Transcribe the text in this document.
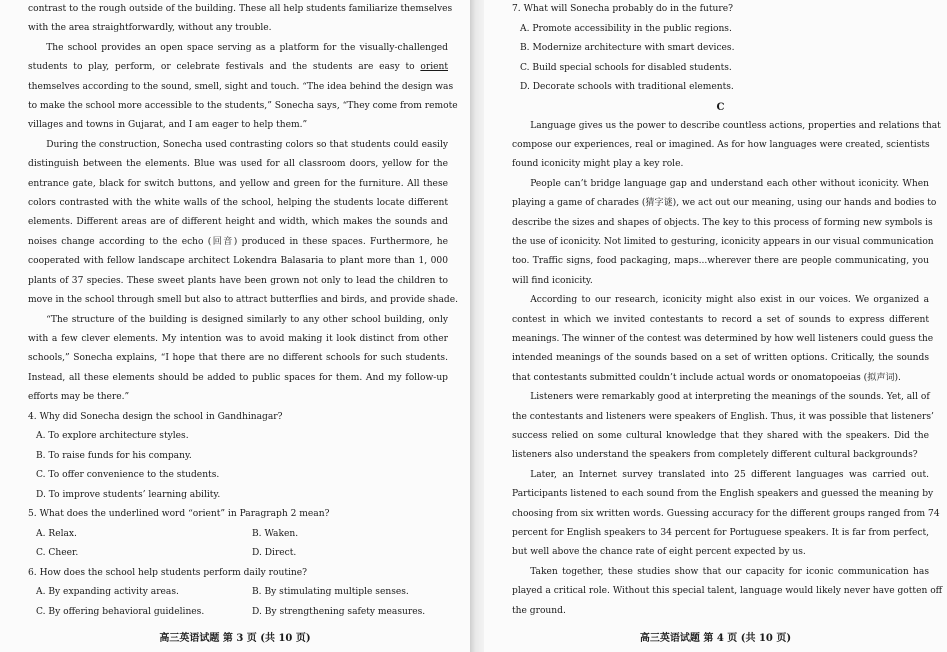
contrast to the rough outside of the building. These all help students familiarize themselves
with the area straightforwardly, without any trouble.
The school provides an open space serving as a platform for the visually-challenged
students to play, perform, or celebrate festivals and the students are easy to orient
themselves according to the sound, smell, sight and touch. “The idea behind the design was
to make the school more accessible to the students,” Sonecha says, “They come from remote
villages and towns in Gujarat, and I am eager to help them.”
During the construction, Sonecha used contrasting colors so that students could easily
distinguish between the elements. Blue was used for all classroom doors, yellow for the
entrance gate, black for switch buttons, and yellow and green for the furniture. All these
colors contrasted with the white walls of the school, helping the students locate different
elements. Different areas are of different height and width, which makes the sounds and
noises change according to the echo (回音) produced in these spaces. Furthermore, he
cooperated with fellow landscape architect Lokendra Balasaria to plant more than 1, 000
plants of 37 species. These sweet plants have been grown not only to lead the children to
move in the school through smell but also to attract butterflies and birds, and provide shade.
“The structure of the building is designed similarly to any other school building, only
with a few clever elements. My intention was to avoid making it look distinct from other
schools,” Sonecha explains, “I hope that there are no different schools for such students.
Instead, all these elements should be added to public spaces for them. And my follow-up
efforts may be there.”
4. Why did Sonecha design the school in Gandhinagar?
A. To explore architecture styles.
B. To raise funds for his company.
C. To offer convenience to the students.
D. To improve students’ learning ability.
5. What does the underlined word “orient” in Paragraph 2 mean?
A. Relax.	B. Waken.
C. Cheer.	D. Direct.
6. How does the school help students perform daily routine?
A. By expanding activity areas.	B. By stimulating multiple senses.
C. By offering behavioral guidelines.	D. By strengthening safety measures.
高三英语试题 第 3 页 (共 10 页)
7. What will Sonecha probably do in the future?
A. Promote accessibility in the public regions.
B. Modernize architecture with smart devices.
C. Build special schools for disabled students.
D. Decorate schools with traditional elements.
C
Language gives us the power to describe countless actions, properties and relations that
compose our experiences, real or imagined. As for how languages were created, scientists
found iconicity might play a key role.
People can’t bridge language gap and understand each other without iconicity. When
playing a game of charades (猜字谜), we act out our meaning, using our hands and bodies to
describe the sizes and shapes of objects. The key to this process of forming new symbols is
the use of iconicity. Not limited to gesturing, iconicity appears in our visual communication
too. Traffic signs, food packaging, maps...wherever there are people communicating, you
will find iconicity.
According to our research, iconicity might also exist in our voices. We organized a
contest in which we invited contestants to record a set of sounds to express different
meanings. The winner of the contest was determined by how well listeners could guess the
intended meanings of the sounds based on a set of written options. Critically, the sounds
that contestants submitted couldn’t include actual words or onomatopoeias (拟声词).
Listeners were remarkably good at interpreting the meanings of the sounds. Yet, all of
the contestants and listeners were speakers of English. Thus, it was possible that listeners’
success relied on some cultural knowledge that they shared with the speakers. Did the
listeners also understand the speakers from completely different cultural backgrounds?
Later, an Internet survey translated into 25 different languages was carried out.
Participants listened to each sound from the English speakers and guessed the meaning by
choosing from six written words. Guessing accuracy for the different groups ranged from 74
percent for English speakers to 34 percent for Portuguese speakers. It is far from perfect,
but well above the chance rate of eight percent expected by us.
Taken together, these studies show that our capacity for iconic communication has
played a critical role. Without this special talent, language would likely never have gotten off
the ground.
高三英语试题 第 4 页 (共 10 页)
